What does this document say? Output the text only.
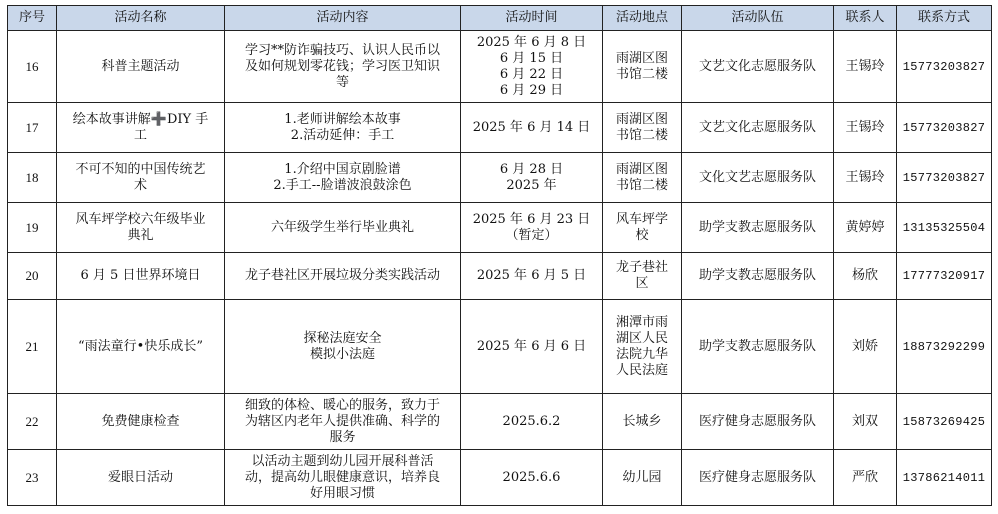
序号	活动名称	活动内容	活动时间	活动地点	活动队伍	联系人	联系方式
16	科普主题活动	学习**防诈骗技巧、认识人民币以
及如何规划零花钱；学习医卫知识
等	2025 年 6 月 8 日
6 月 15 日
6 月 22 日
6 月 29 日	雨湖区图
书馆二楼	文艺文化志愿服务队	王锡玲	15773203827
17	绘本故事讲解➕DIY 手
工	1.老师讲解绘本故事
2.活动延伸：手工	2025 年 6 月 14 日	雨湖区图
书馆二楼	文艺文化志愿服务队	王锡玲	15773203827
18	不可不知的中国传统艺
术	1.介绍中国京剧脸谱
2.手工--脸谱波浪鼓涂色	6 月 28 日
2025 年	雨湖区图
书馆二楼	文化文艺志愿服务队	王锡玲	15773203827
19	风车坪学校六年级毕业
典礼	六年级学生举行毕业典礼	2025 年 6 月 23 日
（暂定）	风车坪学
校	助学支教志愿服务队	黄婷婷	13135325504
20	6 月 5 日世界环境日	龙子巷社区开展垃圾分类实践活动	2025 年 6 月 5 日	龙子巷社
区	助学支教志愿服务队	杨欣	17777320917
21	“雨法童行•快乐成长”	探秘法庭安全
模拟小法庭	2025 年 6 月 6 日	湘潭市雨
湖区人民
法院九华
人民法庭	助学支教志愿服务队	刘娇	18873292299
22	免费健康检查	细致的体检、暖心的服务，致力于
为辖区内老年人提供准确、科学的
服务	2025.6.2	长城乡	医疗健身志愿服务队	刘双	15873269425
23	爱眼日活动	以活动主题到幼儿园开展科普活
动，提高幼儿眼健康意识，培养良
好用眼习惯	2025.6.6	幼儿园	医疗健身志愿服务队	严欣	13786214011
